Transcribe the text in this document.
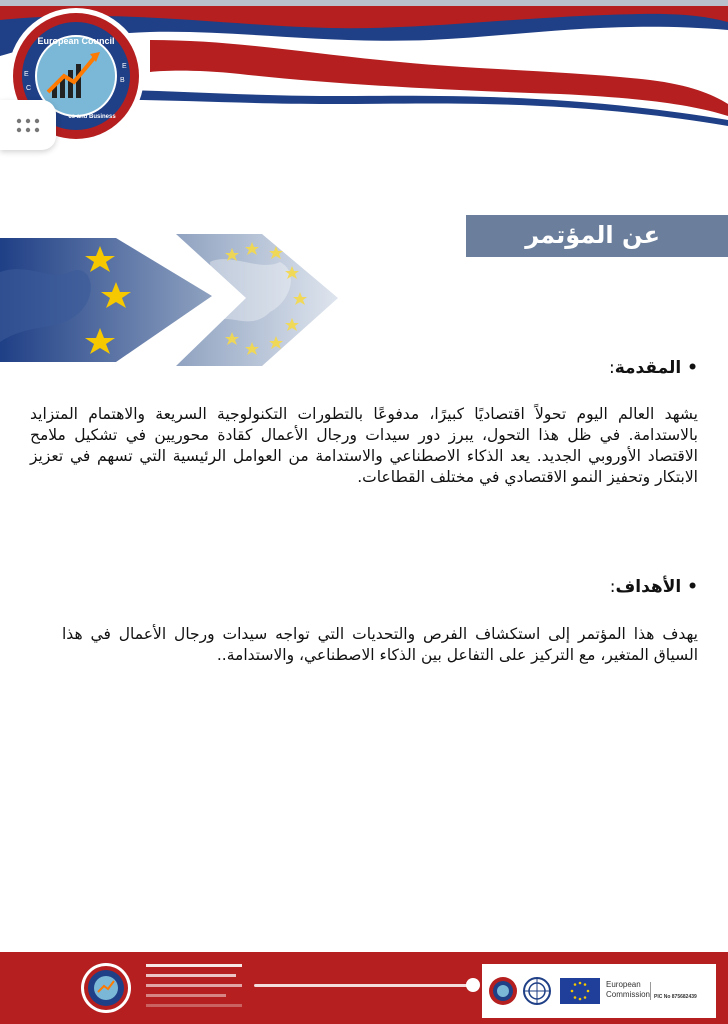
European Council
cs and Business
E
C
E
B
عن المؤتمر
• المقدمة:
يشهد العالم اليوم تحولاً اقتصاديًا كبيرًا، مدفوعًا بالتطورات التكنولوجية السريعة والاهتمام المتزايد بالاستدامة. في ظل هذا التحول، يبرز دور سيدات ورجال الأعمال كقادة محوريين في تشكيل ملامح الاقتصاد الأوروبي الجديد. يعد الذكاء الاصطناعي والاستدامة من العوامل الرئيسية التي تسهم في تعزيز الابتكار وتحفيز النمو الاقتصادي في مختلف القطاعات.
• الأهداف:
يهدف هذا المؤتمر إلى استكشاف الفرص والتحديات التي تواجه سيدات ورجال الأعمال في هذا السياق المتغير، مع التركيز على التفاعل بين الذكاء الاصطناعي، والاستدامة..
European
Commission PIC No 875682439
